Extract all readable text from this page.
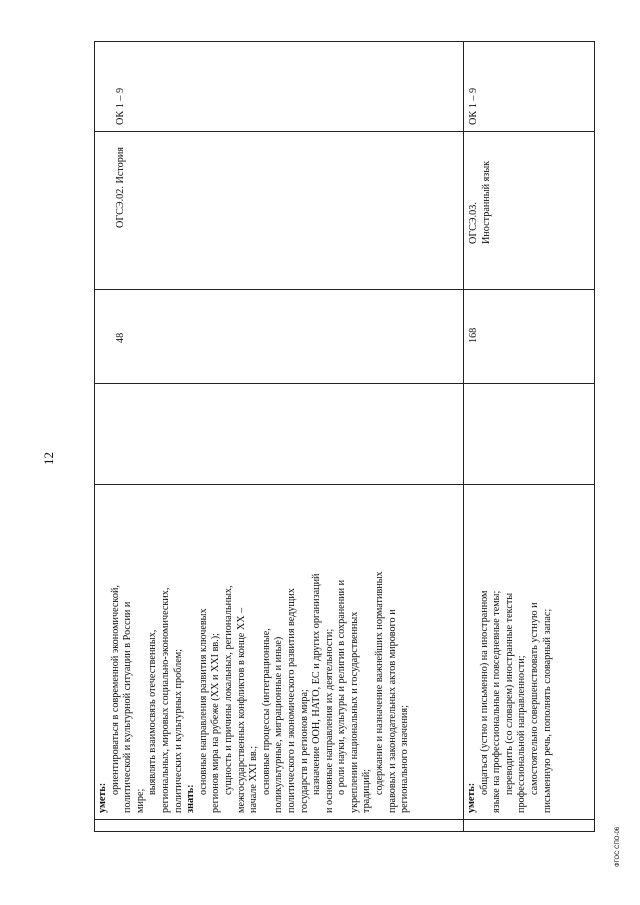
12
ФГОС СПО-06
уметь:
ориентироваться в современной экономической, политической и культурной ситуации в России и мире;
выявлять взаимосвязь отечественных, региональных, мировых социально-экономических, политических и культурных проблем; знать:
основные направления развития ключевых регионов мира на рубеже (XX и XXI вв.); сущность и причины локальных, региональных, межгосударственных конфликтов в конце XX – начале XXI вв.; основные процессы (интеграционные, поликультурные, миграционные и иные) политического и экономического развития ведущих государств и регионов мира; назначение ООН, НАТО, ЕС и других организаций и основные направления их деятельности; о роли науки, культуры и религии в сохранении и укреплении национальных и государственных традиций; содержание и назначение важнейших нормативных правовых и законодательных актов мирового и регионального значения;
48
ОГСЭ.02. История
ОК 1 – 9
уметь:
общаться (устно и письменно) на иностранном языке на профессиональные и повседневные темы; переводить (со словарем) иностранные тексты профессиональной направленности; самостоятельно совершенствовать устную и письменную речь, пополнять словарный запас;
168
ОГСЭ.03. Иностранный язык
ОК 1 – 9
